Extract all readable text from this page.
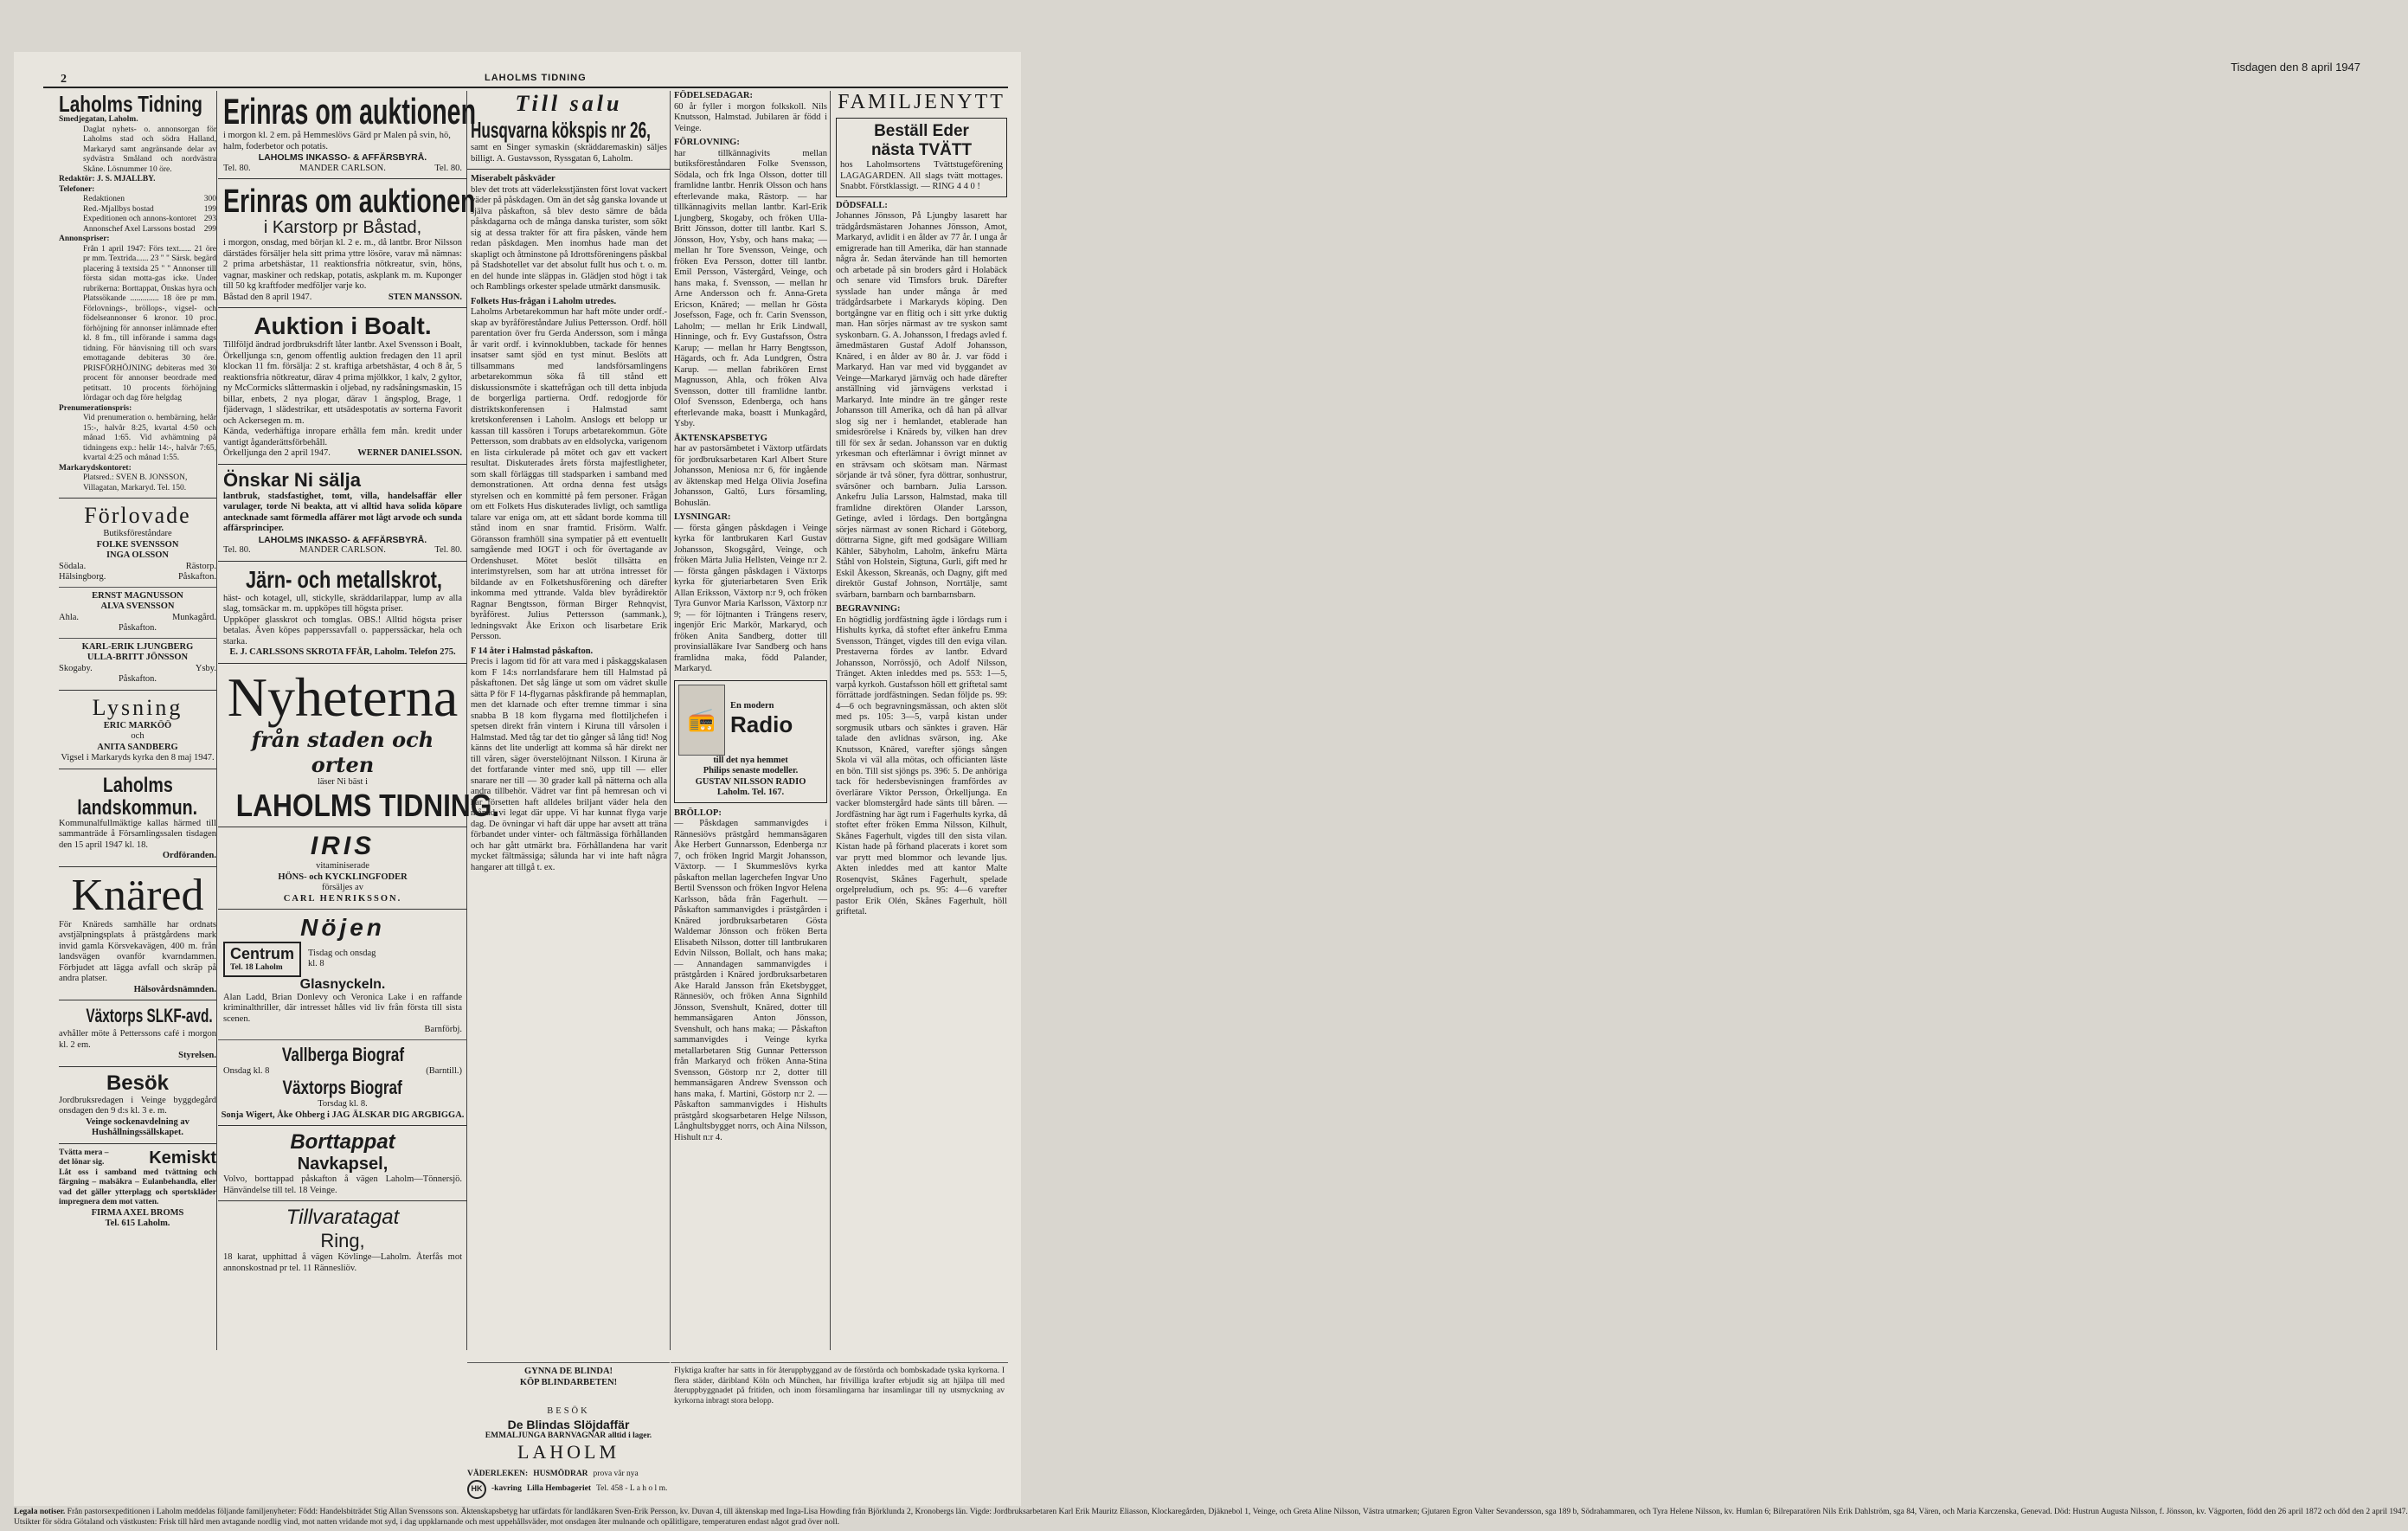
2	LAHOLMS TIDNING
Tisdagen den 8 april 1947
Laholms Tidning
Smedjegatan, Laholm.
Daglat nyhets- o. annonsorgan för Laholms stad och södra Halland, Markaryd samt angränsande delar av sydvästra Småland och nordvästra Skåne. Lösnummer 10 öre.
Redaktör: J. S. MJALLBY.
Telefoner:
Redaktionen	300
Red.-Mjallbys bostad	199
Expeditionen och annons-kontoret 293
Annonschef Axel Larssons bostad 299
Annonspriser:
Från 1 april 1947: Förs text...... 21 öre pr mm. Textrida...... 23 " " Särsk. begärd placering å textsida 25 " " Annonser till första sidan motta-gas icke. Under rubrikerna: Borttappat, Önskas hyra och Platssökande .............. 18 öre pr mm. Förlovnings-, bröllops-, vigsel- och födelseannonser 6 kronor. 10 proc. förhöjning för annonser inlämnade efter kl. 8 fm., till införande i samma dags tidning. För hänvisning till och svars emottagande debiteras 30 öre. PRISFÖRHÖJNING debiteras med 30 procent för annonser beordrade med petitsatt. 10 procents förhöjning lördagar och dag före helgdag
Prenumerationspris:
Vid prenumeration o. hembärning, helår 15:-, halvår 8:25, kvartal 4:50 och månad 1:65. Vid avhämtning på tidningens exp.: helår 14:-, halvår 7:65, kvartal 4:25 och månad 1:55.
Markarydskontoret:
Platsred.: SVEN B. JONSSON, Villagatan, Markaryd. Tel. 150.
Förlovade
Butiksföreståndare
FOLKE SVENSSON
INGA OLSSON
Södala.	Rästorp.
Hälsingborg.	Påskafton.
ERNST MAGNUSSON
ALVA SVENSSON
Ahla.	Munkagård.
Påskafton.
KARL-ERIK LJUNGBERG
ULLA-BRITT JÖNSSON
Skogaby.	Ysby.
Påskafton.
Lysning
ERIC MARKÖÖ
och
ANITA SANDBERG
Vigsel i Markaryds kyrka den 8 maj 1947.
Laholms
landskommun.
Kommunalfullmäktige kallas härmed till sammanträde å Församlingssalen tisdagen den 15 april 1947 kl. 18.
Ordföranden.
Knäred
För Knäreds samhälle har ordnats avstjälpningsplats å prästgårdens mark invid gamla Körsvekavägen, 400 m. från landsvägen ovanför kvarndammen. Förbjudet att lägga avfall och skräp på andra platser.
Hälsovårdsnämnden.
Växtorps SLKF-avd.
avhåller möte å Petterssons café i morgon kl. 2 em.
Styrelsen.
Besök
Jordbruksredagen i Veinge byggdegård onsdagen den 9 d:s kl. 3 e. m.
Veinge sockenavdelning av Hushållningssällskapet.
Tvätta mera –
det lönar sig.	Kemiskt
Låt oss i samband med tvättning och färgning – malsäkra – Eulanbehandla, eller vad det gäller ytterplagg och sportskläder impregnera dem mot vatten.
FIRMA AXEL BROMS
Tel. 615 Laholm.
Erinras om auktionen
i morgon kl. 2 em. på Hemmeslövs Gärd pr Malen på svin, hö, halm, foderbetor och potatis.
LAHOLMS INKASSO- & AFFÄRSBYRÅ.
Tel. 80.	MANDER CARLSON.	Tel. 80.
Erinras om auktionen
i Karstorp pr Båstad,
i morgon, onsdag, med början kl. 2 e. m., då lantbr. Bror Nilsson därstädes försäljer hela sitt prima yttre lösöre, varav må nämnas: 2 prima arbetshästar, 11 reaktionsfria nötkreatur, svin, höns, vagnar, maskiner och redskap, potatis, askplank m. m. Kuponger till 50 kg kraftfoder medföljer varje ko.
Båstad den 8 april 1947.	STEN MANSSON.
Auktion i Boalt.
Tillföljd ändrad jordbruksdrift låter lantbr. Axel Svensson i Boalt, Örkelljunga s:n, genom offentlig auktion fredagen den 11 april klockan 11 fm. försälja: 2 st. kraftiga arbetshästar, 4 och 8 år, 5 reaktionsfria nötkreatur, därav 4 prima mjölkkor, 1 kalv, 2 gyltor, ny McCormicks slåttermaskin i oljebad, ny radsåningsmaskin, 15 billar, enbets, 2 nya plogar, därav 1 ängsplog, Brage, 1 fjädervagn, 1 slädestrikar, ett utsädespotatis av sorterna Favorit och Ackersegen m. m.
Kända, vederhäftiga inropare erhålla fem mån. kredit under vantigt åganderättsförbehåll.
Örkelljunga den 2 april 1947.	WERNER DANIELSSON.
Önskar Ni sälja
lantbruk, stadsfastighet, tomt, villa, handelsaffär eller varulager, torde Ni beakta, att vi alltid hava solida köpare antecknade samt förmedla affärer mot lågt arvode och sunda affärsprinciper.
LAHOLMS INKASSO- & AFFÄRSBYRÅ.
Tel. 80.	MANDER CARLSON.	Tel. 80.
Järn- och metallskrot,
häst- och kotagel, ull, stickylle, skräddarilappar, lump av alla slag, tomsäckar m. m. uppköpes till högsta priser.
Uppköper glasskrot och tomglas. OBS.! Alltid högsta priser betalas. Även köpes papperssavfall o. papperssäckar, hela och starka.
E. J. CARLSSONS SKROTA FFÄR, Laholm. Telefon 275.
Nyheterna
från staden och orten
läser Ni bäst i
LAHOLMS TIDNING.
IRIS
vitaminiserade
HÖNS- och KYCKLINGFODER
försäljes av
CARL HENRIKSSON.
Nöjen
Centrum
Tel. 18 Laholm
Tisdag och onsdag kl. 8
Glasnyckeln.
Alan Ladd, Brian Donlevy och Veronica Lake i en raffande kriminalthriller, där intresset hålles vid liv från första till sista scenen.
Barnförbj.
Vallberga Biograf
Onsdag kl. 8	(Barntill.)
Växtorps Biograf
Torsdag kl. 8.
Sonja Wigert, Åke Ohberg i JAG ÄLSKAR DIG ARGBIGGA.
Borttappat
Navkapsel,
Volvo, borttappad påskafton å vägen Laholm—Tönnersjö. Hänvändelse till tel. 18 Veinge.
Tillvaratagat
Ring,
18 karat, upphittad å vägen Kövlinge—Laholm. Återfås mot annonskostnad pr tel. 11 Rännesliöv.
Till salu
Husqvarna kökspis nr 26,
samt en Singer symaskin (skräddaremaskin) säljes billigt. A. Gustavsson, Ryssgatan 6, Laholm.
Miserabelt påskväder
blev det trots att väderleksstjänsten först lovat vackert väder på påskdagen. Om än det såg ganska lovande ut själva påskafton, så blev desto sämre de båda påskdagarna och de många danska turister, som sökt sig at dessa trakter för att fira påsken, vände hem redan påskdagen. Men inomhus hade man det skapligt och åtminstone på Idrottsföreningens påskbal på Stadshotellet var det absolut fullt hus och t. o. m. en del hunde inte släppas in. Glädjen stod högt i tak och Ramblings orkester spelade utmärkt dansmusik.
Folkets Hus-frågan i Laholm utredes.
Laholms Arbetarekommun har haft möte under ordf.-skap av byråföreståndare Julius Pettersson. Ordf. höll parentation över fru Gerda Andersson, som i många år varit ordf. i kvinnoklubben, tackade för hennes insatser samt sjöd en tyst minut. Beslöts att tillsammans med landsförsamlingens arbetarekommun söka få till stånd ett diskussionsmöte i skattefrågan och till detta inbjuda de borgerliga partierna. Ordf. redogjorde för distriktskonferensen i Halmstad samt kretskonferensen i Laholm. Anslogs ett belopp ur kassan till kassören i Torups arbetarekommun. Göte Pettersson, som drabbats av en eldsolycka, varigenom en lista cirkulerade på mötet och gav ett vackert resultat. Diskuterades årets första majfestligheter, som skall förläggas till stadsparken i samband med demonstrationen. Att ordna denna fest utsågs styrelsen och en kommitté på fem personer. Frågan om ett Folkets Hus diskuterades livligt, och samtliga talare var eniga om, att ett sådant borde komma till stånd inom en snar framtid. Frisörm. Walfr. Göransson framhöll sina sympatier på ett eventuellt samgående med IOGT i och för övertagande av Ordenshuset. Mötet beslöt tillsätta en interimstyrelsen, som har att utröna intresset för bildande av en Folketshusförening och därefter inkomma med yttrande. Valda blev byrådirektör Ragnar Bengtsson, förman Birger Rehnqvist, byråförest. Julius Pettersson (sammank.), ledningsvakt Åke Erixon och lisarbetare Erik Persson.
F 14 åter i Halmstad påskafton.
Precis i lagom tid för att vara med i påskaggskalasen kom F 14:s norrlandsfarare hem till Halmstad på påskaftonen. Det såg länge ut som om vädret skulle sätta P för F 14-flygarnas påskfirande på hemmaplan, men det klarnade och efter tremne timmar i sina snabba B 18 kom flygarna med flottiljchefen i spetsen direkt från vintern i Kiruna till vårsolen i Halmstad. Med tåg tar det tio gånger så lång tid! Nog känns det lite underligt att komma så här direkt ner till våren, säger överstelöjtnant Nilsson. I Kiruna är det fortfarande vinter med snö, upp till — eller snarare ner till — 30 grader kall på nätterna och alla andra tillbehör. Vädret var fint på hemresan och vi har försetten haft alldeles briljant väder hela den månad vi legat där uppe. Vi har kunnat flyga varje dag. De övningar vi haft där uppe har avsett att träna förbandet under vinter- och fältmässiga förhållanden och har gått utmärkt bra. Förhållandena har varit mycket fältmässiga; sålunda har vi inte haft några hangarer att tillgå t. ex.
FÖDELSEDAGAR:
60 år fyller i morgon folkskoll. Nils Knutsson, Halmstad. Jubilaren är född i Veinge.
FÖRLOVNING:
har tillkännagivits mellan butiksföreståndaren Folke Svensson, Södala, och frk Inga Olsson, dotter till framlidne lantbr. Henrik Olsson och hans efterlevande maka, Rästorp. — har tillkännagivits mellan lantbr. Karl-Erik Ljungberg, Skogaby, och fröken Ulla-Britt Jönsson, dotter till lantbr. Karl S. Jönsson, Hov, Ysby, och hans maka; — mellan hr Tore Svensson, Veinge, och fröken Eva Persson, dotter till lantbr. Emil Persson, Västergård, Veinge, och hans maka, f. Svensson, — mellan hr Arne Andersson och fr. Anna-Greta Ericson, Knäred; — mellan hr Gösta Josefsson, Fage, och fr. Carin Svensson, Laholm; — mellan hr Erik Lindwall, Hinninge, och fr. Evy Gustafsson, Östra Karup; — mellan hr Harry Bengtsson, Hägards, och fr. Ada Lundgren, Östra Karup. — mellan fabrikören Ernst Magnusson, Ahla, och fröken Alva Svensson, dotter till framlidne lantbr. Olof Svensson, Edenberga, och hans efterlevande maka, boastt i Munkagård, Ysby.
ÄKTENSKAPSBETYG
har av pastorsämbetet i Växtorp utfärdats för jordbruksarbetaren Karl Albert Sture Johansson, Meniosa n:r 6, för ingående av äktenskap med Helga Olivia Josefina Johansson, Galtö, Lurs församling, Bohuslän.
LYSNINGAR:
— första gången påskdagen i Veinge kyrka för lantbrukaren Karl Gustav Johansson, Skogsgård, Veinge, och fröken Märta Julia Hellsten, Veinge n:r 2. — första gången påskdagen i Växtorps kyrka för gjuteriarbetaren Sven Erik Allan Eriksson, Växtorp n:r 9, och fröken Tyra Gunvor Maria Karlsson, Växtorp n:r 9; — för löjtnanten i Trängens reserv, ingenjör Eric Markör, Markaryd, och fröken Anita Sandberg, dotter till provinsialläkare Ivar Sandberg och hans framlidna maka, född Palander, Markaryd.
📻
En modern
Radio
till det nya hemmet
Philips senaste modeller.
GUSTAV NILSSON RADIO
Laholm. Tel. 167.
BRÖLLOP:
— Påskdagen sammanvigdes i Rännesiövs prästgård hemmansägaren Åke Herbert Gunnarsson, Edenberga n:r 7, och fröken Ingrid Margit Johansson, Växtorp. — I Skummeslövs kyrka påskafton mellan lagerchefen Ingvar Uno Bertil Svensson och fröken Ingvor Helena Karlsson, båda från Fagerhult. — Påskafton sammanvigdes i prästgården i Knäred jordbruksarbetaren Gösta Waldemar Jönsson och fröken Berta Elisabeth Nilsson, dotter till lantbrukaren Edvin Nilsson, Bollalt, och hans maka; — Annandagen sammanvigdes i prästgården i Knäred jordbruksarbetaren Ake Harald Jansson från Eketsbygget, Rännesiöv, och fröken Anna Signhild Jönsson, Svenshult, Knäred, dotter till hemmansägaren Anton Jönsson, Svenshult, och hans maka; — Påskafton sammanvigdes i Veinge kyrka metallarbetaren Stig Gunnar Pettersson från Markaryd och fröken Anna-Stina Svensson, Göstorp n:r 2, dotter till hemmansägaren Andrew Svensson och hans maka, f. Martini, Göstorp n:r 2. — Påskafton sammanvigdes i Hishults prästgård skogsarbetaren Helge Nilsson, Långhultsbygget norrs, och Aina Nilsson, Hishult n:r 4.
FAMILJENYTT
Beställ Eder
nästa TVÄTT
hos Laholmsortens Tvättstugeförening LAGAGARDEN. All slags tvätt mottages. Snabbt. Förstklassigt. — RING 4 4 0 !
DÖDSFALL:
Johannes Jönsson, På Ljungby lasarett har trädgårdsmästaren Johannes Jönsson, Amot, Markaryd, avlidit i en ålder av 77 år. I unga år emigrerade han till Amerika, där han stannade några år. Sedan återvände han till hemorten och arbetade på sin broders gård i Holabäck och senare vid Timsfors bruk. Därefter sysslade han under många år med trädgårdsarbete i Markaryds köping. Den bortgångne var en flitig och i sitt yrke duktig man. Han sörjes närmast av tre syskon samt syskonbarn. G. A. Johansson, I fredags avled f. ämedmästaren Gustaf Adolf Johansson, Knäred, i en ålder av 80 år. J. var född i Markaryd. Han var med vid byggandet av Veinge—Markaryd järnväg och hade därefter anställning vid järnvägens verkstad i Markaryd. Inte mindre än tre gånger reste Johansson till Amerika, och då han på allvar slog sig ner i hemlandet, etablerade han smidesrörelse i Knäreds by, vilken han drev till för sex år sedan. Johansson var en duktig yrkesman och efterlämnar i övrigt minnet av en strävsam och skötsam man. Närmast sörjande är två söner, fyra döttrar, sonhustrur, svärsöner och barnbarn. Julia Larsson. Ankefru Julia Larsson, Halmstad, maka till framlidne direktören Olander Larsson, Getinge, avled i lördags. Den bortgångna sörjes närmast av sonen Richard i Göteborg, döttrarna Signe, gift med godsägare William Kähler, Säbyholm, Laholm, änkefru Märta Ståhl von Holstein, Sigtuna, Gurli, gift med hr Eskil Åkesson, Skreanäs, och Dagny, gift med direktör Gustaf Johnson, Norrtälje, samt svärbarn, barnbarn och barnbarnsbarn.
BEGRAVNING:
En högtidlig jordfästning ägde i lördags rum i Hishults kyrka, då stoftet efter änkefru Emma Svensson, Tränget, vigdes till den eviga vilan. Prestaverna fördes av lantbr. Edvard Johansson, Norrössjö, och Adolf Nilsson, Tränget. Akten inleddes med ps. 553: 1—5, varpå kyrkoh. Gustafsson höll ett griftetal samt förrättade jordfästningen. Sedan följde ps. 99: 4—6 och begravningsmässan, och akten slöt med ps. 105: 3—5, varpå kistan under sorgmusik utbars och sänktes i graven. Här talade den avlidnas svärson, ing. Ake Knutsson, Knäred, varefter sjöngs sången Skola vi väl alla mötas, och officianten läste en bön. Till sist sjöngs ps. 396: 5. De anhöriga tack för hedersbevisningen framfördes av överlärare Viktor Persson, Örkelljunga. En vacker blomstergård hade sänts till båren. — Jordfästning har ägt rum i Fagerhults kyrka, då stoftet efter fröken Emma Nilsson, Kilhult, Skånes Fagerhult, vigdes till den sista vilan. Kistan hade på förhand placerats i koret som var prytt med blommor och levande ljus. Akten inleddes med att kantor Malte Rosenqvist, Skånes Fagerhult, spelade orgelpreludium, och ps. 95: 4—6 varefter pastor Erik Olén, Skånes Fagerhult, höll griftetal.
GYNNA DE BLINDA!
KÖP BLINDARBETEN!
Flyktiga krafter har satts in för återuppbyggand av de förstörda och bombskadade tyska kyrkorna. I flera städer, däribland Köln och München, har frivilliga krafter erbjudit sig att hjälpa till med återuppbyggnadet på fritiden, och inom församlingarna har insamlingar till ny utsmyckning av kyrkorna inbragt stora belopp.
BESÖK
De Blindas Slöjdaffär
EMMALJUNGA BARNVAGNAR alltid i lager.
LAHOLM
VÄDERLEKEN: HUSMÖDRAR prova vår nya
HK	-kavring Lilla Hembageriet Tel. 458 - L a h o l m.
Legala notiser. Från pastorsexpeditionen i Laholm meddelas följande familjenyheter: Född: Handelsbiträdet Stig Allan Svenssons son. Äktenskapsbetyg har utfärdats för landlåkaren Sven-Erik Persson, kv. Duvan 4, till äktenskap med Inga-Lisa Howding från Björklunda 2, Kronobergs län. Vigde: Jordbruksarbetaren Karl Erik Mauritz Eliasson, Klockaregården, Djäknebol 1, Veinge, och Greta Aline Nilsson, Västra utmarken; Gjutaren Egron Valter Sevandersson, sga 189 b, Södrahammaren, och Tyra Helene Nilsson, kv. Humlan 6; Bilreparatören Nils Erik Dahlström, sga 84, Vären, och Maria Karczenska, Genevad. Död: Hustrun Augusta Nilsson, f. Jönsson, kv. Vägporten, född den 26 april 1872 och död den 2 april 1947.
Utsikter för södra Götaland och västkusten: Frisk till hård men avtagande nordlig vind, mot natten vridande mot syd, i dag uppklarnande och mest uppehållsväder, mot onsdagen åter mulnande och opålitligare, temperaturen endast något grad över noll.
